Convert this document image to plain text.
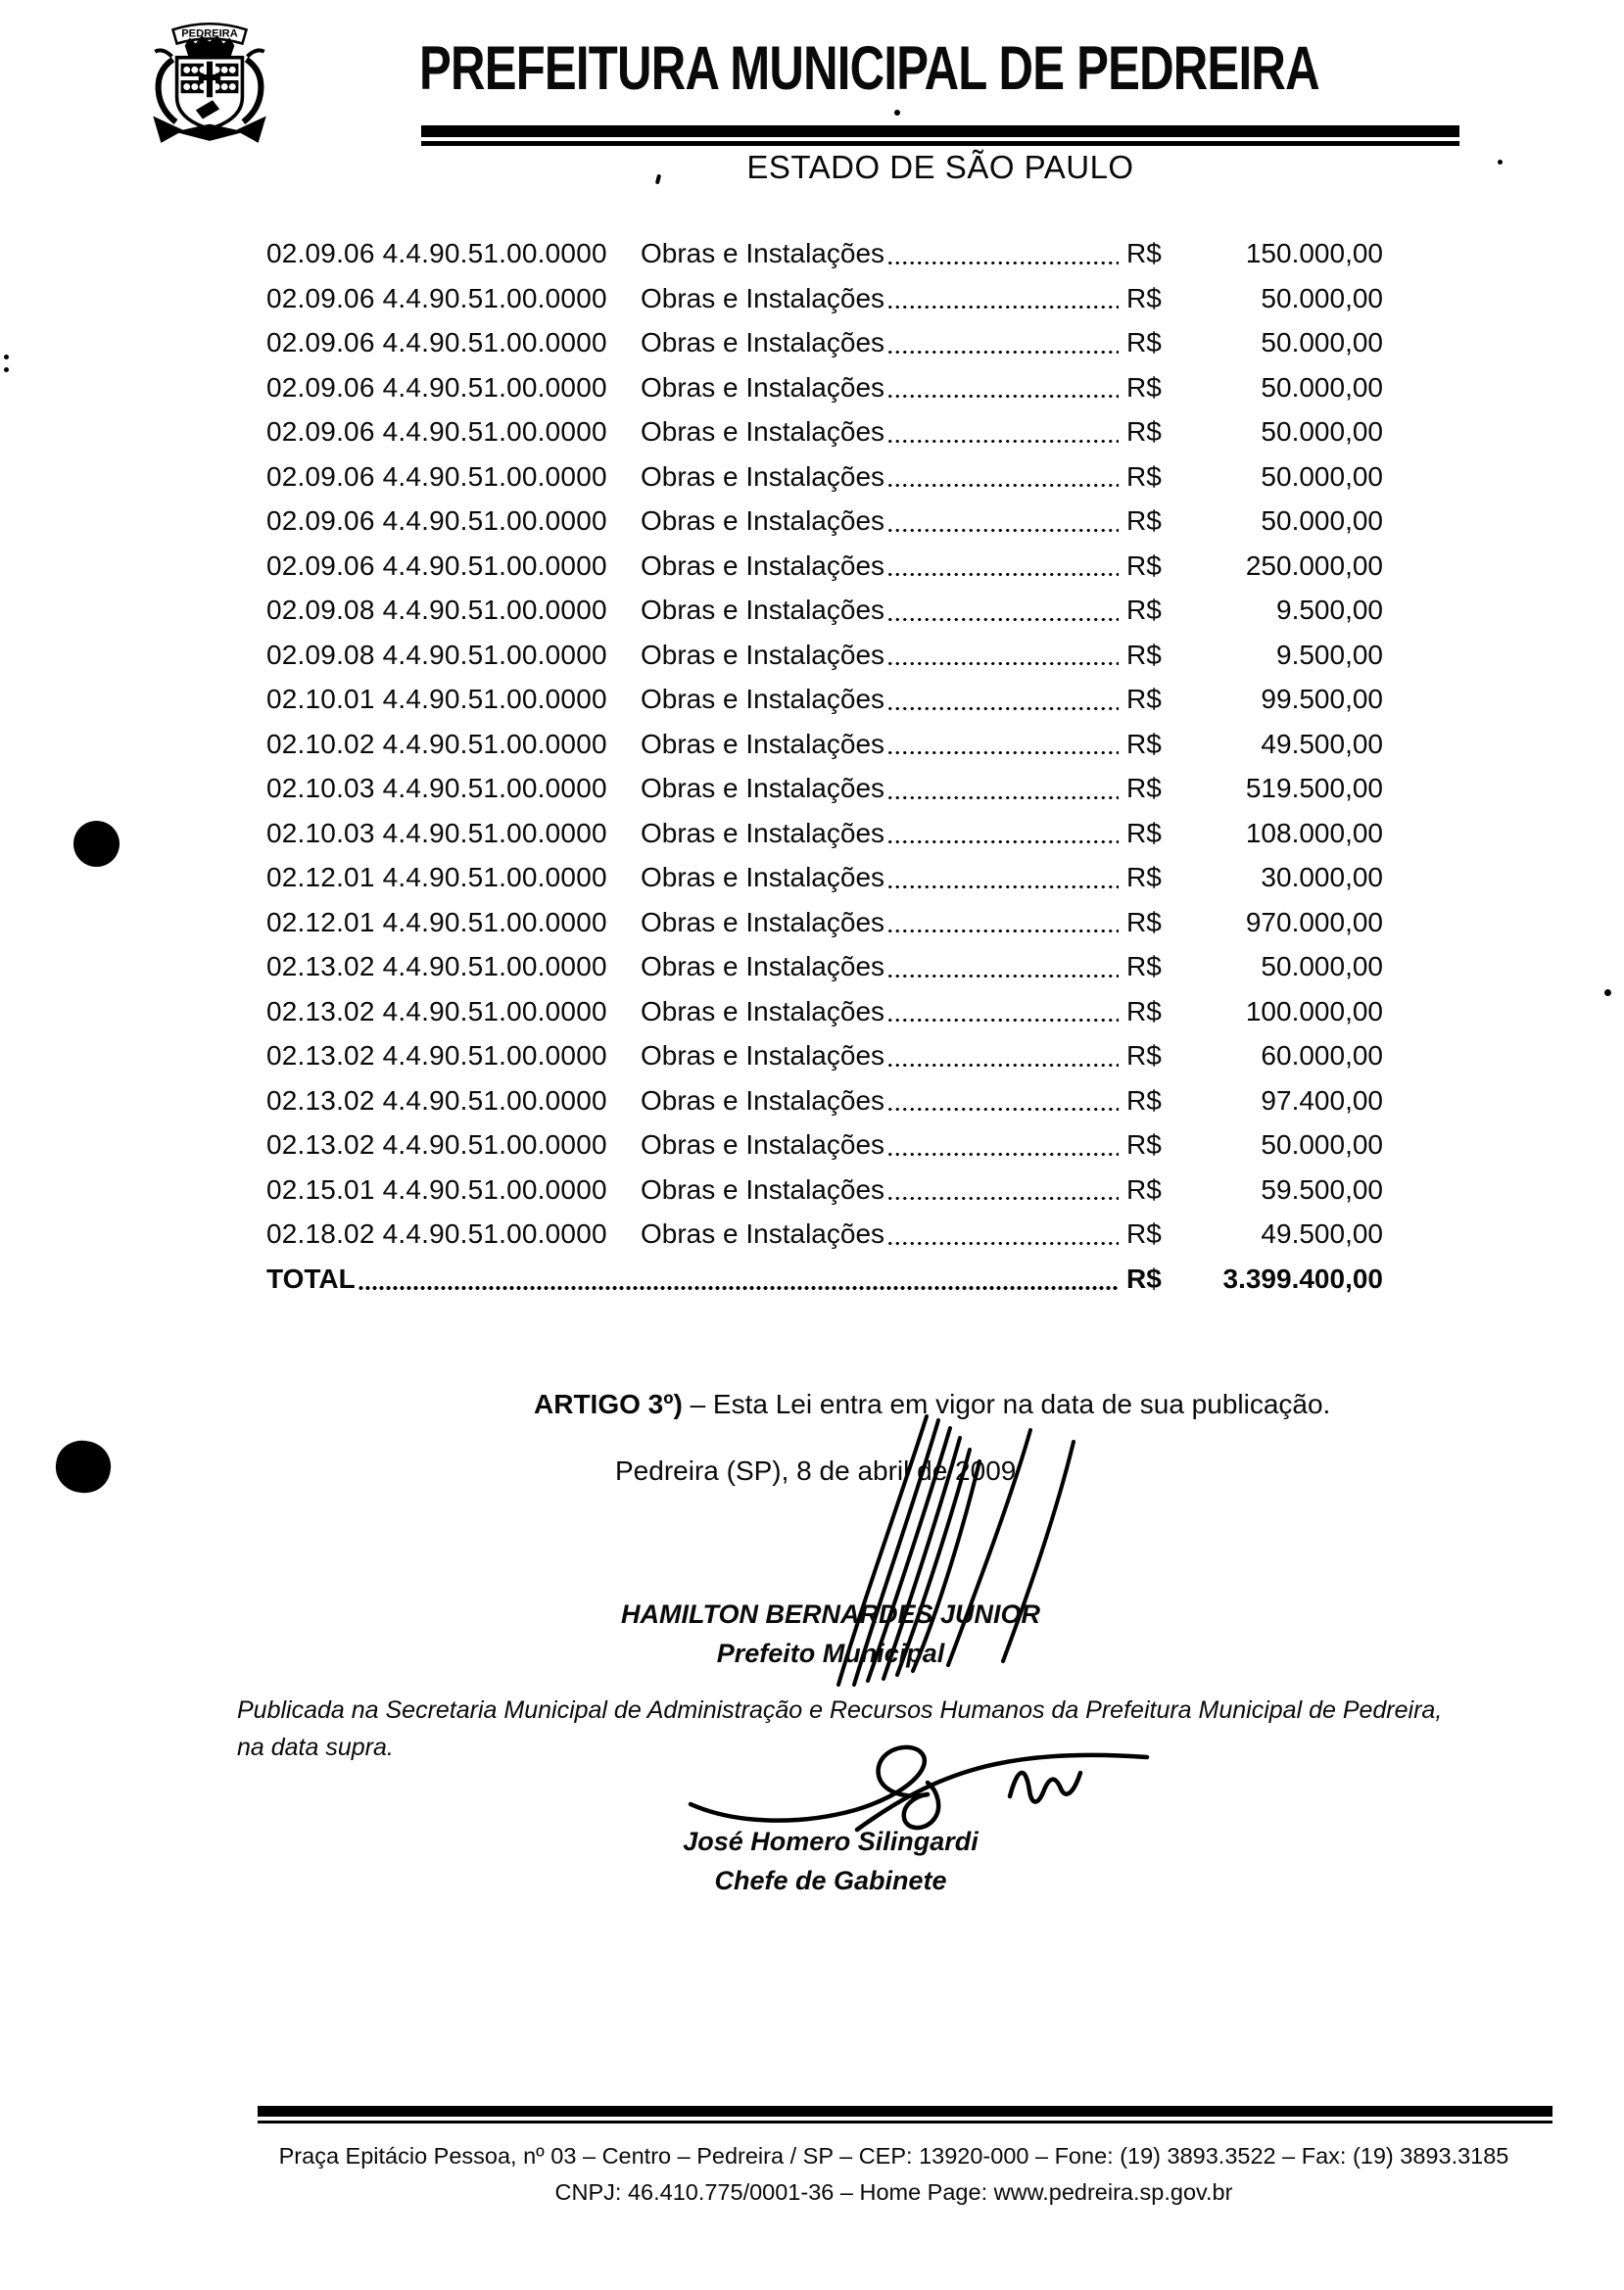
PEDREIRA
PREFEITURA MUNICIPAL DE PEDREIRA
ESTADO DE SÃO PAULO
02.09.06 4.4.90.51.00.0000	Obras e Instalações	R$	150.000,00
02.09.06 4.4.90.51.00.0000	Obras e Instalações	R$	50.000,00
02.09.06 4.4.90.51.00.0000	Obras e Instalações	R$	50.000,00
02.09.06 4.4.90.51.00.0000	Obras e Instalações	R$	50.000,00
02.09.06 4.4.90.51.00.0000	Obras e Instalações	R$	50.000,00
02.09.06 4.4.90.51.00.0000	Obras e Instalações	R$	50.000,00
02.09.06 4.4.90.51.00.0000	Obras e Instalações	R$	50.000,00
02.09.06 4.4.90.51.00.0000	Obras e Instalações	R$	250.000,00
02.09.08 4.4.90.51.00.0000	Obras e Instalações	R$	9.500,00
02.09.08 4.4.90.51.00.0000	Obras e Instalações	R$	9.500,00
02.10.01 4.4.90.51.00.0000	Obras e Instalações	R$	99.500,00
02.10.02 4.4.90.51.00.0000	Obras e Instalações	R$	49.500,00
02.10.03 4.4.90.51.00.0000	Obras e Instalações	R$	519.500,00
02.10.03 4.4.90.51.00.0000	Obras e Instalações	R$	108.000,00
02.12.01 4.4.90.51.00.0000	Obras e Instalações	R$	30.000,00
02.12.01 4.4.90.51.00.0000	Obras e Instalações	R$	970.000,00
02.13.02 4.4.90.51.00.0000	Obras e Instalações	R$	50.000,00
02.13.02 4.4.90.51.00.0000	Obras e Instalações	R$	100.000,00
02.13.02 4.4.90.51.00.0000	Obras e Instalações	R$	60.000,00
02.13.02 4.4.90.51.00.0000	Obras e Instalações	R$	97.400,00
02.13.02 4.4.90.51.00.0000	Obras e Instalações	R$	50.000,00
02.15.01 4.4.90.51.00.0000	Obras e Instalações	R$	59.500,00
02.18.02 4.4.90.51.00.0000	Obras e Instalações	R$	49.500,00
TOTAL	R$	3.399.400,00
ARTIGO 3º) – Esta Lei entra em vigor na data de sua publicação.
Pedreira (SP), 8 de abril de 2009
HAMILTON BERNARDES JUNIOR
Prefeito Municipal
Publicada na Secretaria Municipal de Administração e Recursos Humanos da Prefeitura Municipal de Pedreira,
na data supra.
José Homero Silingardi
Chefe de Gabinete
Praça Epitácio Pessoa, nº 03 – Centro – Pedreira / SP – CEP: 13920-000 – Fone: (19) 3893.3522 – Fax: (19) 3893.3185
CNPJ: 46.410.775/0001-36 – Home Page: www.pedreira.sp.gov.br
